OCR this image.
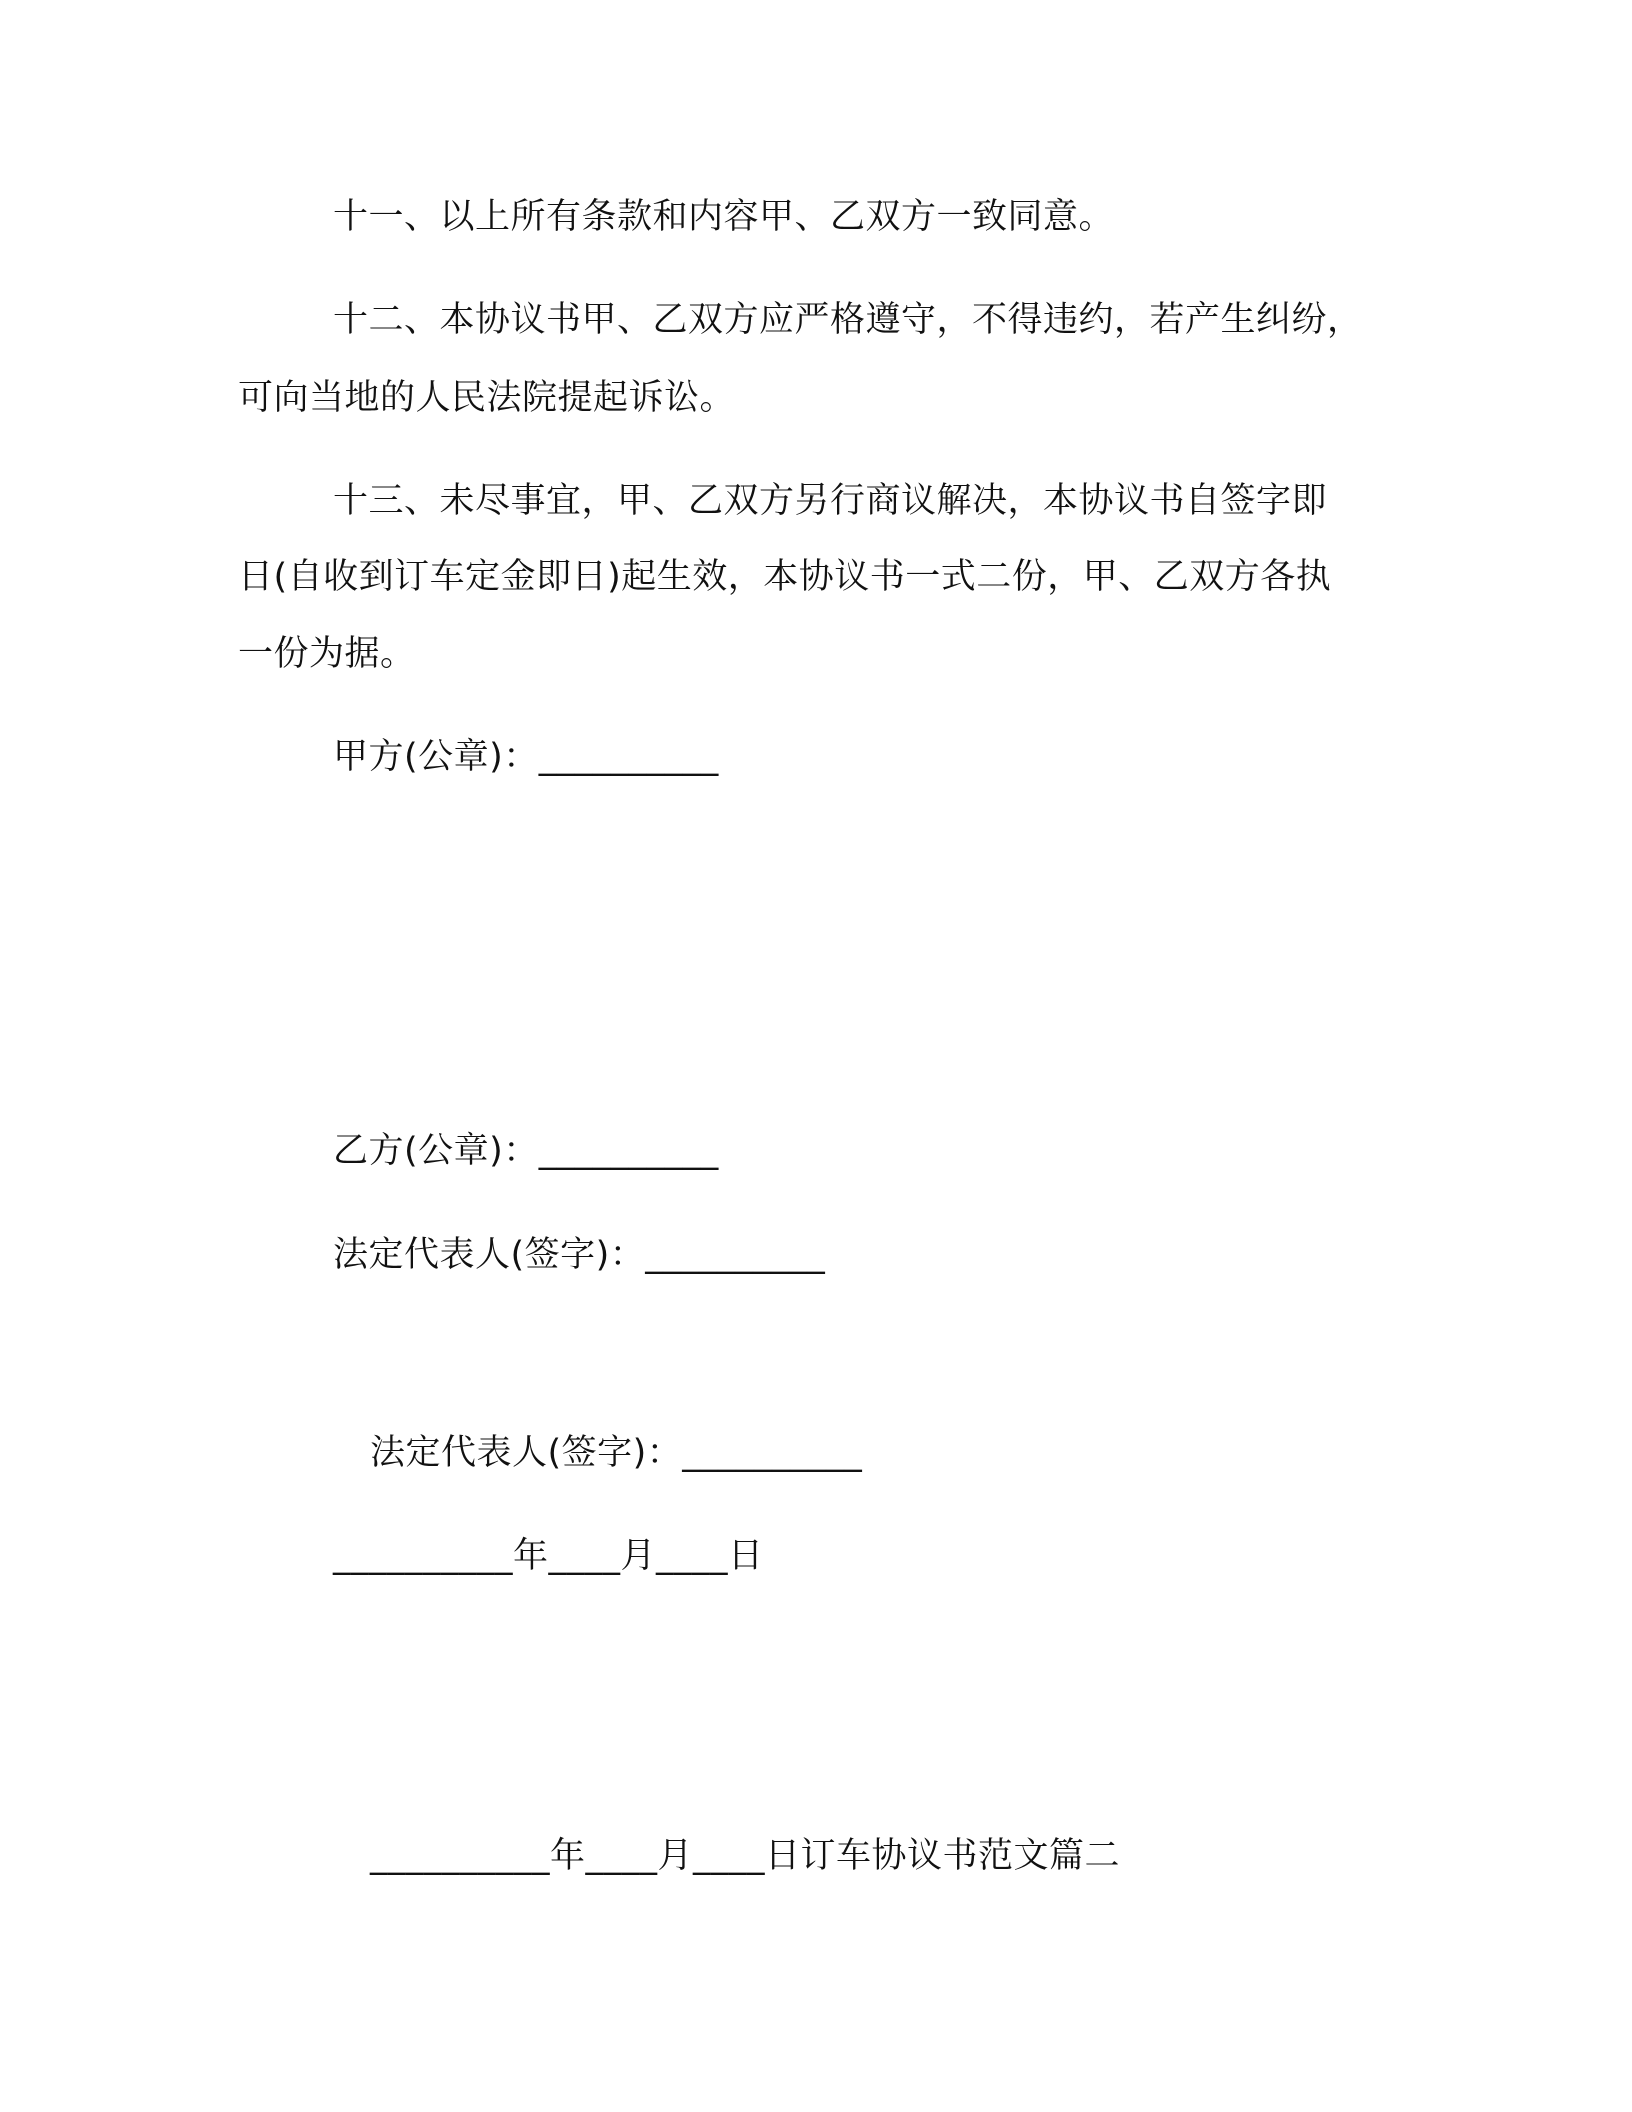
十一、以上所有条款和内容甲、乙双方一致同意。
十二、本协议书甲、乙双方应严格遵守，不得违约，若产生纠纷，
可向当地的人民法院提起诉讼。
十三、未尽事宜，甲、乙双方另行商议解决，本协议书自签字即
日(自收到订车定金即日)起生效，本协议书一式二份，甲、乙双方各执
一份为据。
甲方(公章)：__________
乙方(公章)：__________
法定代表人(签字)：__________
法定代表人(签字)：__________
__________年____月____日
__________年____月____日订车协议书范文篇二
